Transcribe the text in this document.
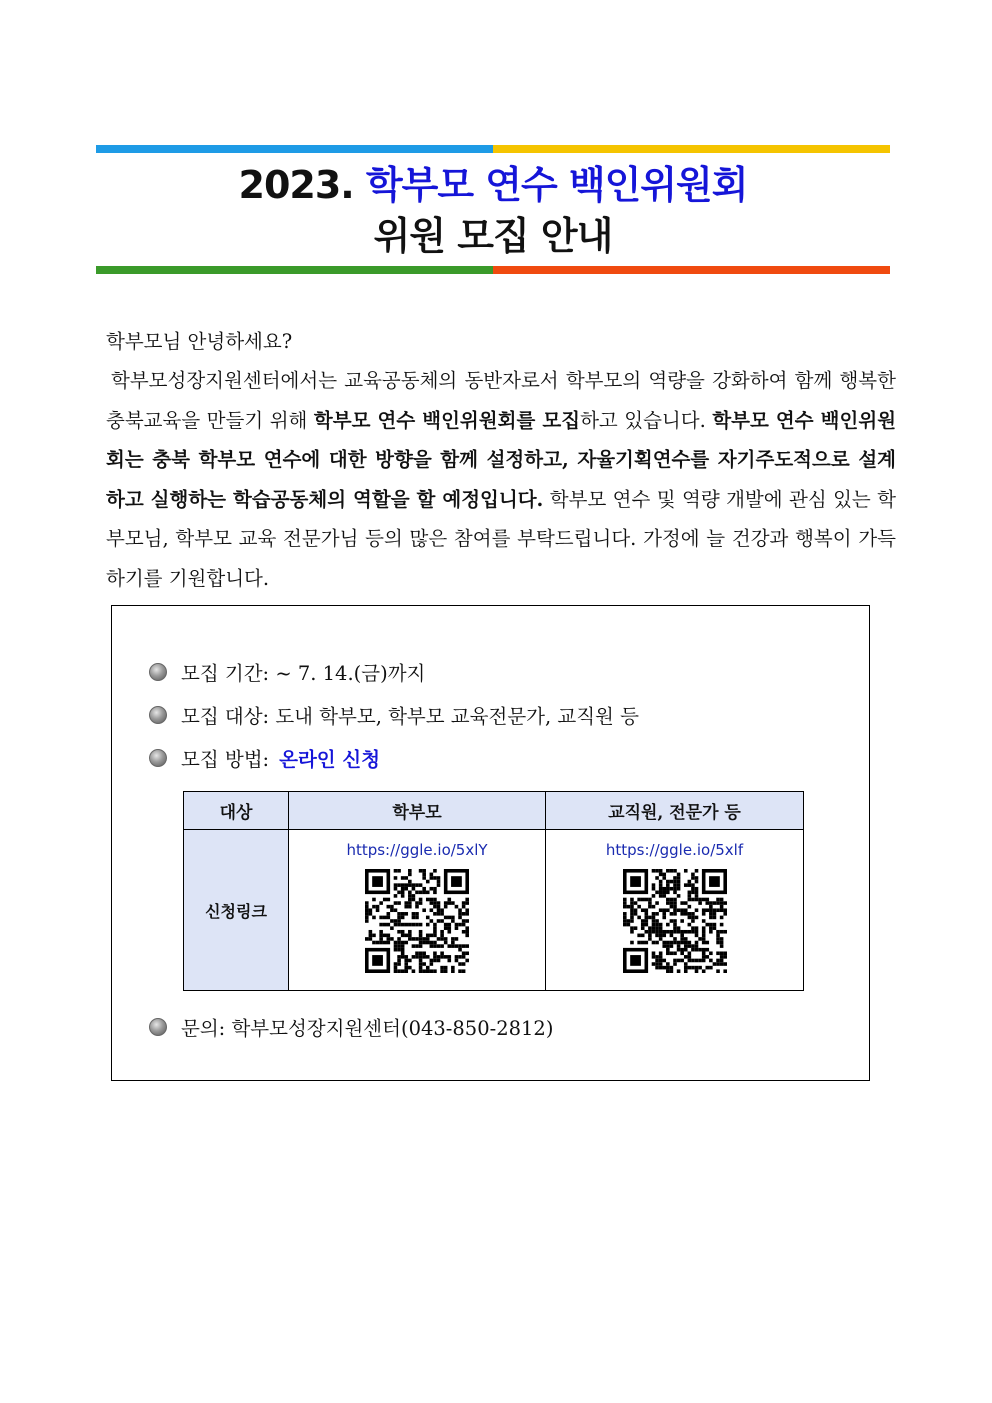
2023. 학부모 연수 백인위원회
위원 모집 안내

학부모님 안녕하세요?

학부모성장지원센터에서는 교육공동체의 동반자로서 학부모의 역량을 강화하여 함께 행복한 충북교육을 만들기 위해 학부모 연수 백인위원회를 모집하고 있습니다. 학부모 연수 백인위원회는 충북 학부모 연수에 대한 방향을 함께 설정하고, 자율기획연수를 자기주도적으로 설계하고 실행하는 학습공동체의 역할을 할 예정입니다. 학부모 연수 및 역량 개발에 관심 있는 학부모님, 학부모 교육 전문가님 등의 많은 참여를 부탁드립니다. 가정에 늘 건강과 행복이 가득하기를 기원합니다.

모집 기간: ~ 7. 14.(금)까지
모집 대상: 도내 학부모, 학부모 교육전문가, 교직원 등
모집 방법: 온라인 신청
대상	학부모	교직원, 전문가 등
신청링크	https://ggle.io/5xlY	https://ggle.io/5xlf
문의: 학부모성장지원센터(043-850-2812)
